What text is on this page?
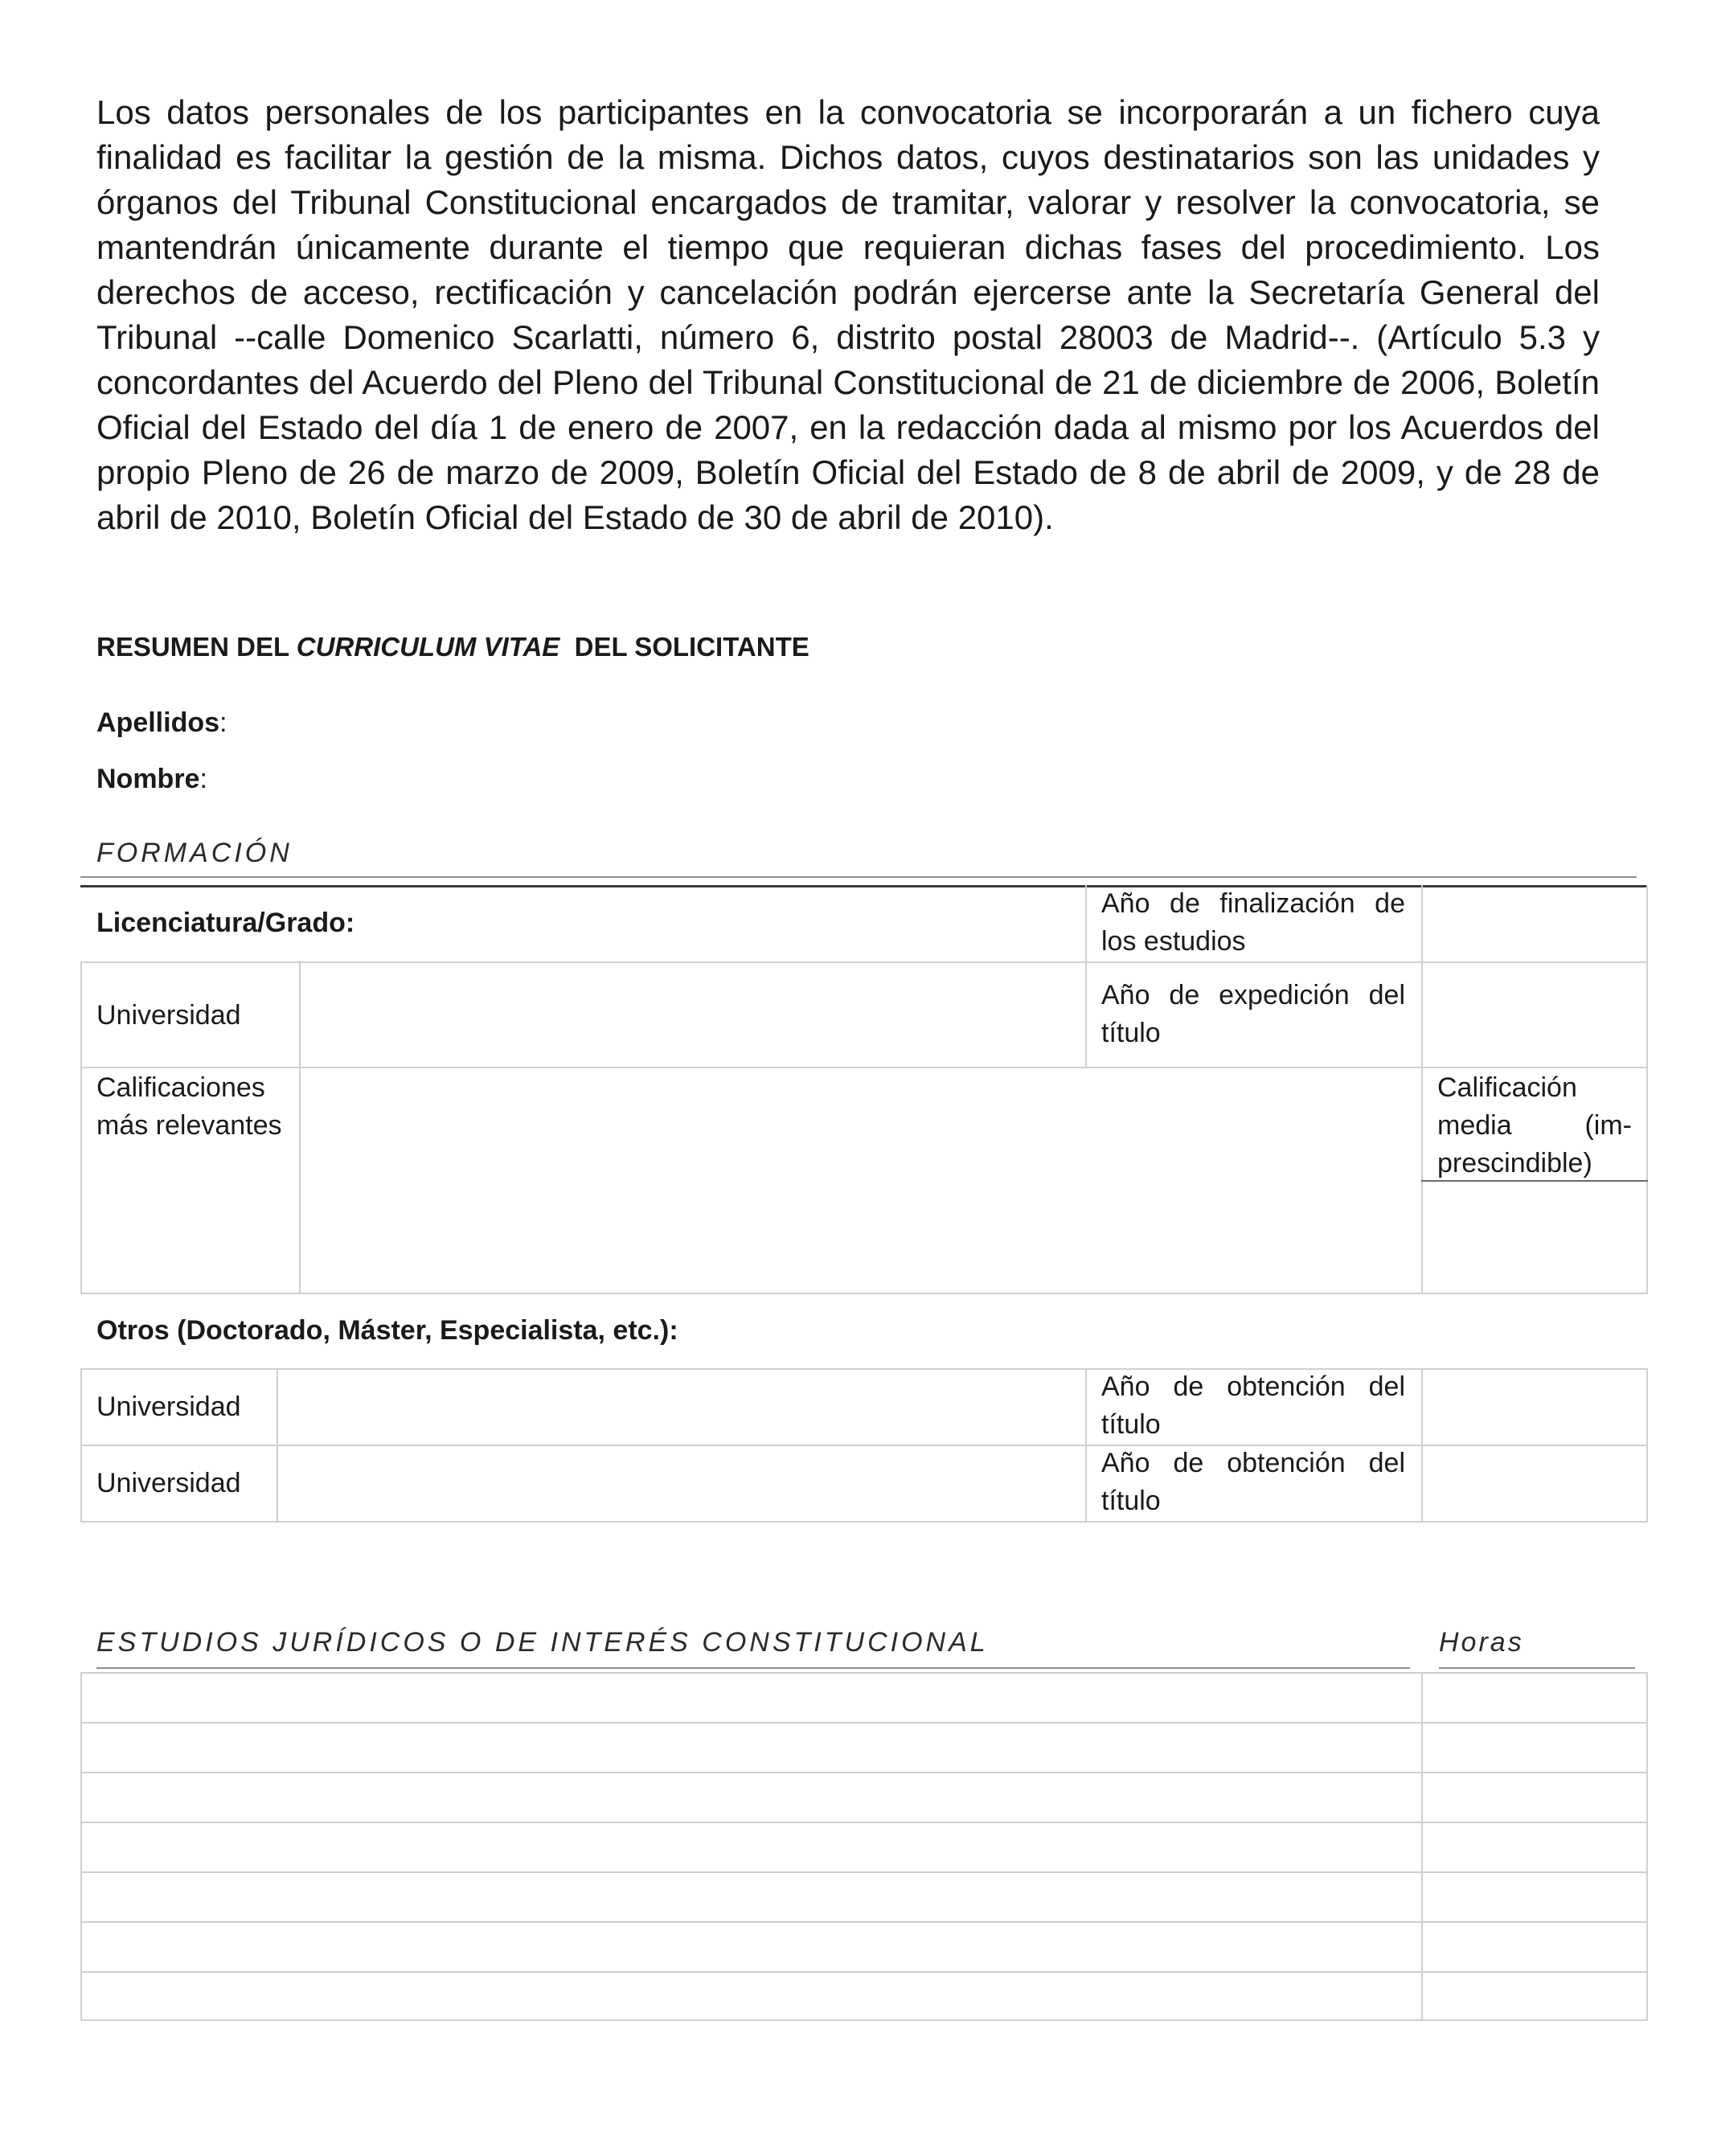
Los datos personales de los participantes en la convocatoria se incorporarán a un fichero cuya finalidad es facilitar la gestión de la misma. Dichos datos, cuyos destinatarios son las unidades y órganos del Tribunal Constitucional encargados de tramitar, valorar y resolver la convocatoria, se mantendrán únicamente durante el tiempo que requieran dichas fases del procedimiento. Los derechos de acceso, rectificación y cancelación podrán ejercerse ante la Secretaría General del Tribunal --calle Domenico Scarlatti, número 6, distrito postal 28003 de Madrid--. (Artículo 5.3 y concordantes del Acuerdo del Pleno del Tribunal Constitucional de 21 de diciembre de 2006, Boletín Oficial del Estado del día 1 de enero de 2007, en la redacción dada al mismo por los Acuerdos del propio Pleno de 26 de marzo de 2009, Boletín Oficial del Estado de 8 de abril de 2009, y de 28 de abril de 2010, Boletín Oficial del Estado de 30 de abril de 2010).

RESUMEN DEL CURRICULUM VITAE  DEL SOLICITANTE

Apellidos:
Nombre:
FORMACIÓN
Licenciatura/Grado:
Año de finalización de los estudios
Universidad
Año de expedición del título
Calificaciones más relevantes
Calificación media (im-prescindible)
Otros (Doctorado, Máster, Especialista, etc.):
Universidad
Año de obtención del título
Universidad
Año de obtención del título
ESTUDIOS JURÍDICOS O DE INTERÉS CONSTITUCIONAL	Horas
